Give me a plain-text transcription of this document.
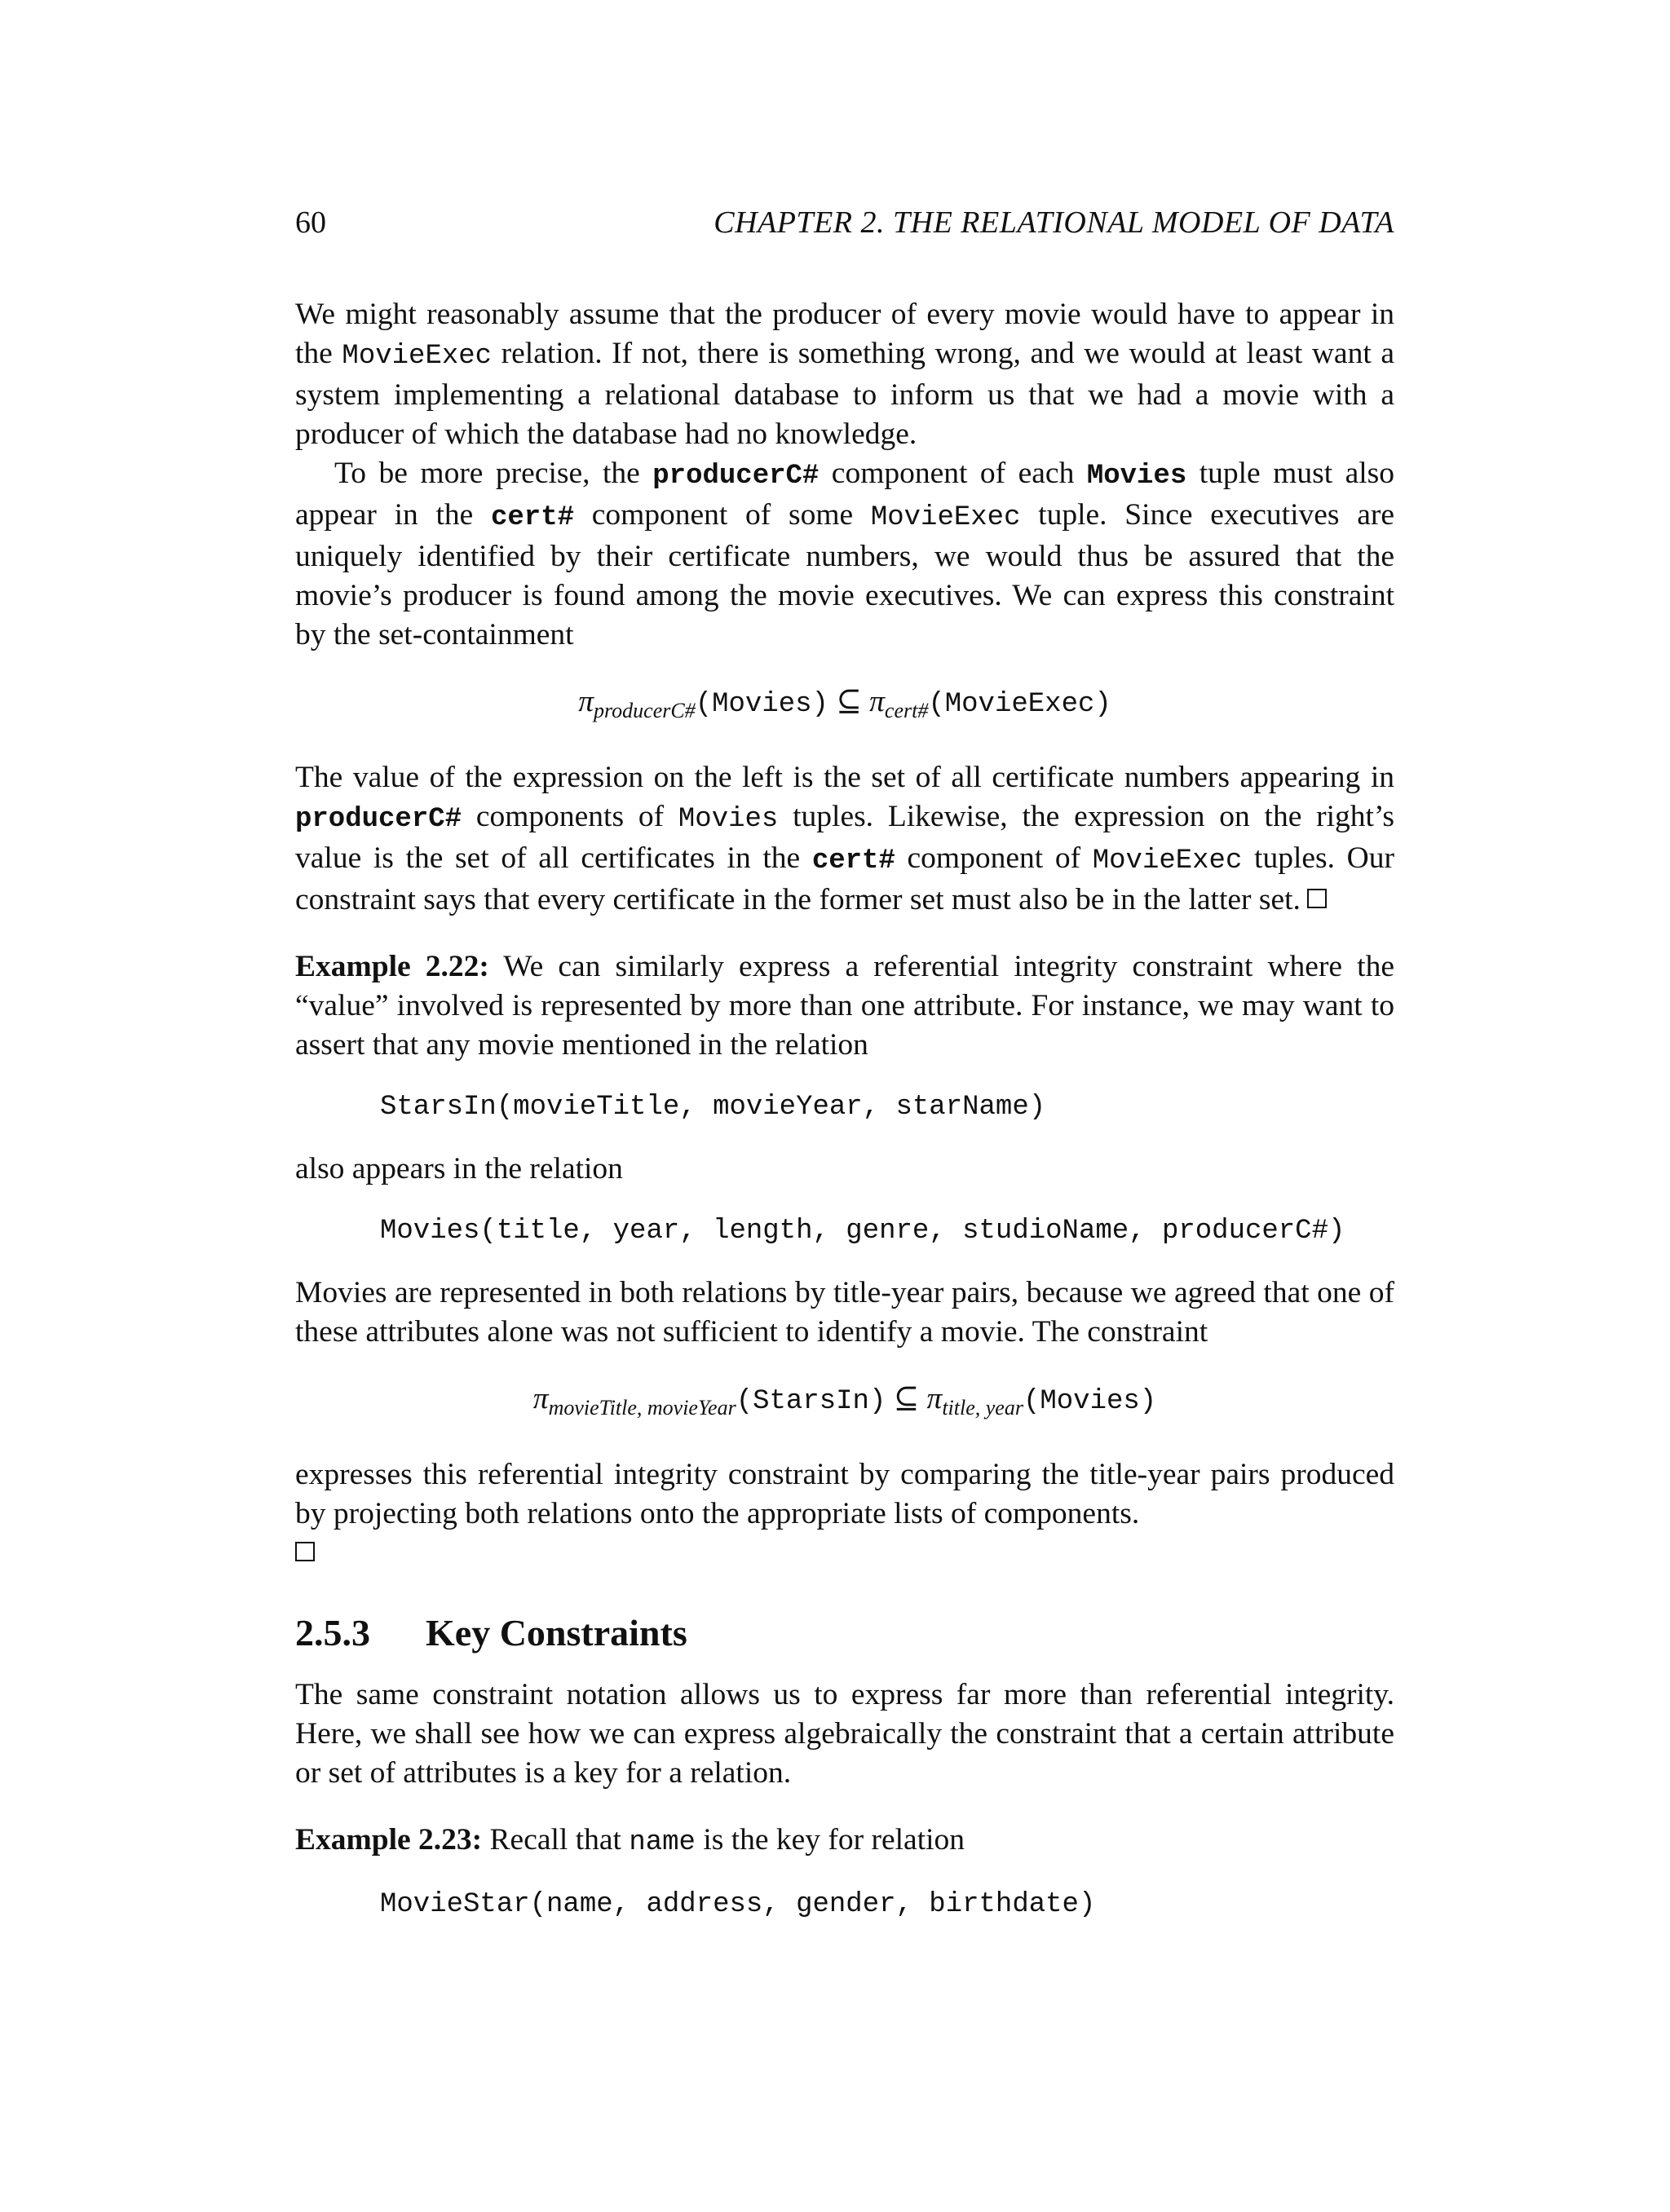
60	CHAPTER 2. THE RELATIONAL MODEL OF DATA

We might reasonably assume that the producer of every movie would have to appear in the MovieExec relation. If not, there is something wrong, and we would at least want a system implementing a relational database to inform us that we had a movie with a producer of which the database had no knowledge.

To be more precise, the producerC# component of each Movies tuple must also appear in the cert# component of some MovieExec tuple. Since executives are uniquely identified by their certificate numbers, we would thus be assured that the movie’s producer is found among the movie executives. We can express this constraint by the set-containment

$\pi_{producerC\#}(Movies)$ ⊆ $\pi_{cert\#}(MovieExec)$

The value of the expression on the left is the set of all certificate numbers appearing in producerC# components of Movies tuples. Likewise, the expression on the right’s value is the set of all certificates in the cert# component of MovieExec tuples. Our constraint says that every certificate in the former set must also be in the latter set.

Example 2.22: We can similarly express a referential integrity constraint where the “value” involved is represented by more than one attribute. For instance, we may want to assert that any movie mentioned in the relation

StarsIn(movieTitle, movieYear, starName)

also appears in the relation

Movies(title, year, length, genre, studioName, producerC#)

Movies are represented in both relations by title-year pairs, because we agreed that one of these attributes alone was not sufficient to identify a movie. The constraint

$\pi_{movieTitle, movieYear}(StarsIn)$ ⊆ $\pi_{title, year}(Movies)$

expresses this referential integrity constraint by comparing the title-year pairs produced by projecting both relations onto the appropriate lists of components.

2.5.3 Key Constraints

The same constraint notation allows us to express far more than referential integrity. Here, we shall see how we can express algebraically the constraint that a certain attribute or set of attributes is a key for a relation.

Example 2.23: Recall that name is the key for relation

MovieStar(name, address, gender, birthdate)
